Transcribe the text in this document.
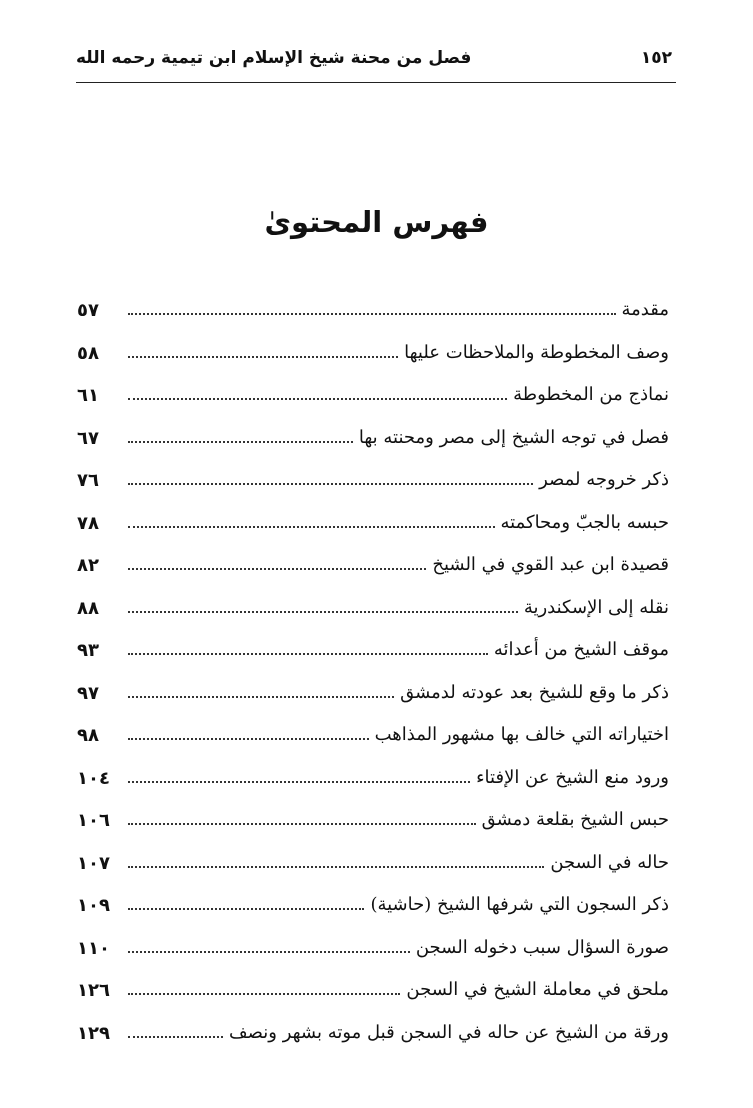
١٥٢
فصل من محنة شيخ الإسلام ابن تيمية رحمه الله
فهرس المحتوىٰ
مقدمة
٥٧
وصف المخطوطة والملاحظات عليها
٥٨
نماذج من المخطوطة
٦١
فصل في توجه الشيخ إلى مصر ومحنته بها
٦٧
ذكر خروجه لمصر
٧٦
حبسه بالجبّ ومحاكمته
٧٨
قصيدة ابن عبد القوي في الشيخ
٨٢
نقله إلى الإسكندرية
٨٨
موقف الشيخ من أعدائه
٩٣
ذكر ما وقع للشيخ بعد عودته لدمشق
٩٧
اختياراته التي خالف بها مشهور المذاهب
٩٨
ورود منع الشيخ عن الإفتاء
١٠٤
حبس الشيخ بقلعة دمشق
١٠٦
حاله في السجن
١٠٧
ذكر السجون التي شرفها الشيخ (حاشية)
١٠٩
صورة السؤال سبب دخوله السجن
١١٠
ملحق في معاملة الشيخ في السجن
١٢٦
ورقة من الشيخ عن حاله في السجن قبل موته بشهر ونصف
١٢٩
